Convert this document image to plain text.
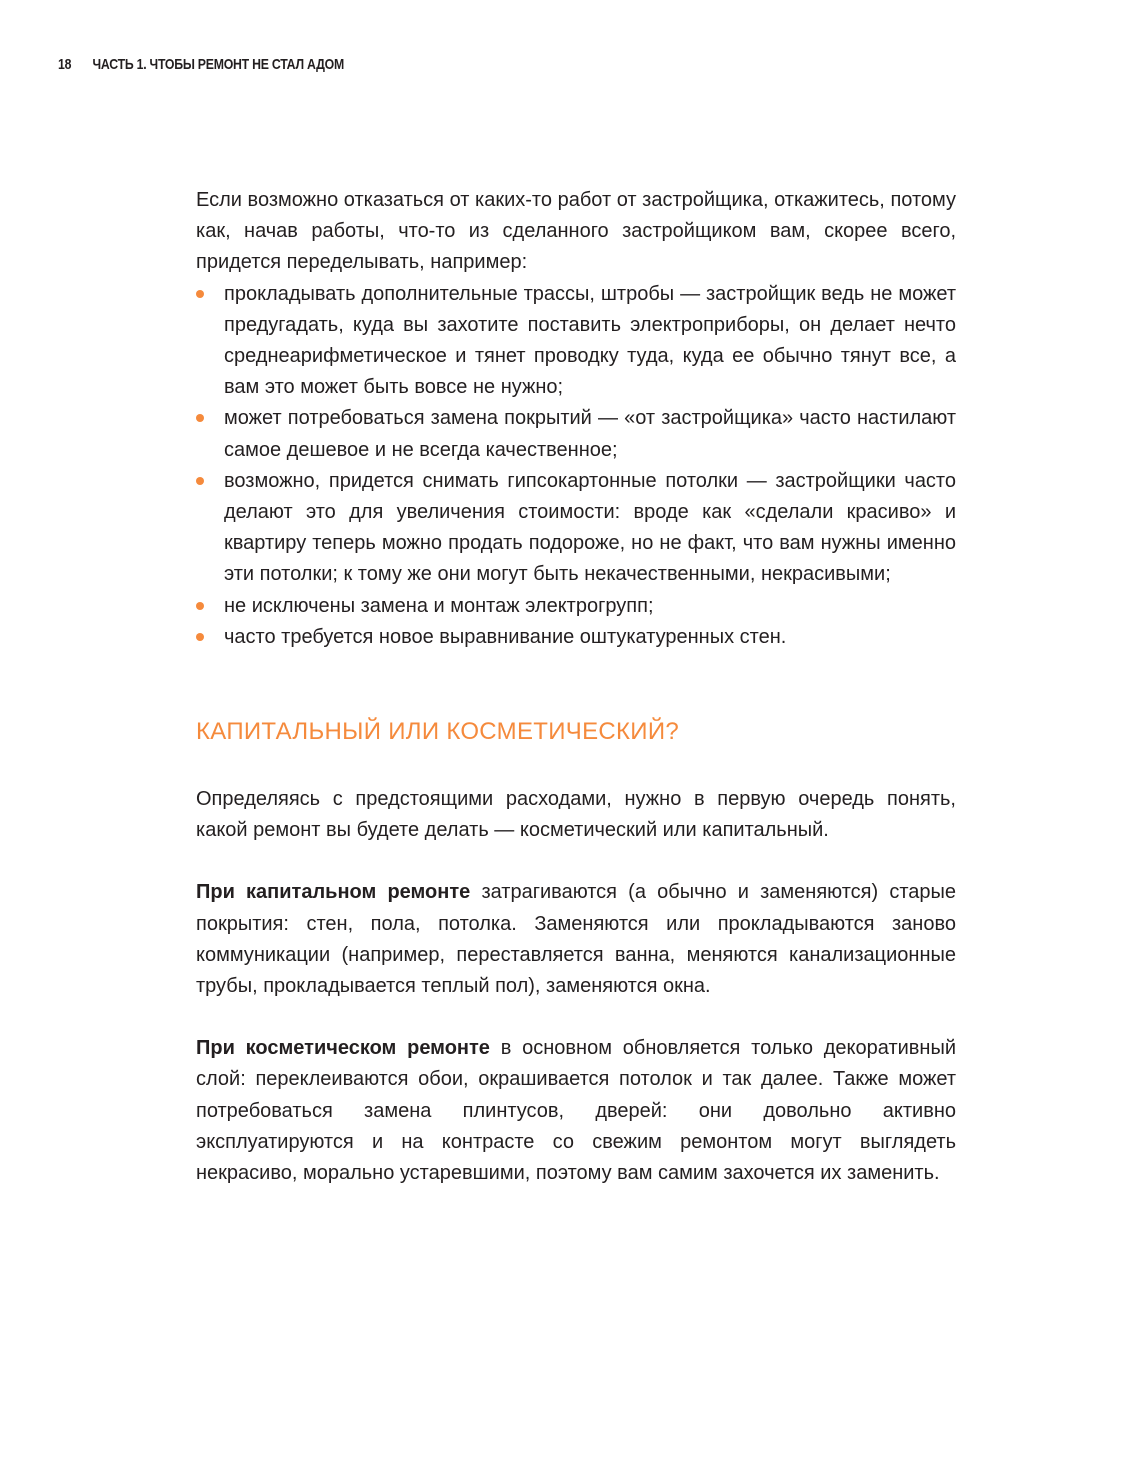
18 ЧАСТЬ 1. ЧТОБЫ РЕМОНТ НЕ СТАЛ АДОМ

Если возможно отказаться от каких-то работ от застройщика, откажитесь, потому как, начав работы, что-то из сделанного застройщиком вам, скорее всего, придется переделывать, например:

прокладывать дополнительные трассы, штробы — застройщик ведь не может предугадать, куда вы захотите поставить электроприборы, он делает нечто среднеарифметическое и тянет проводку туда, куда ее обычно тянут все, а вам это может быть вовсе не нужно;
может потребоваться замена покрытий — «от застройщика» часто настилают самое дешевое и не всегда качественное;
возможно, придется снимать гипсокартонные потолки — застройщики часто делают это для увеличения стоимости: вроде как «сделали красиво» и квартиру теперь можно продать подороже, но не факт, что вам нужны именно эти потолки; к тому же они могут быть некачественными, некрасивыми;
не исключены замена и монтаж электрогрупп;
часто требуется новое выравнивание оштукатуренных стен.
КАПИТАЛЬНЫЙ ИЛИ КОСМЕТИЧЕСКИЙ?

Определяясь с предстоящими расходами, нужно в первую очередь понять, какой ремонт вы будете делать — косметический или капитальный.

При капитальном ремонте затрагиваются (а обычно и заменяются) старые покрытия: стен, пола, потолка. Заменяются или прокладываются заново коммуникации (например, переставляется ванна, меняются канализационные трубы, прокладывается теплый пол), заменяются окна.

При косметическом ремонте в основном обновляется только декоративный слой: переклеиваются обои, окрашивается потолок и так далее. Также может потребоваться замена плинтусов, дверей: они довольно активно эксплуатируются и на контрасте со свежим ремонтом могут выглядеть некрасиво, морально устаревшими, поэтому вам самим захочется их заменить.
